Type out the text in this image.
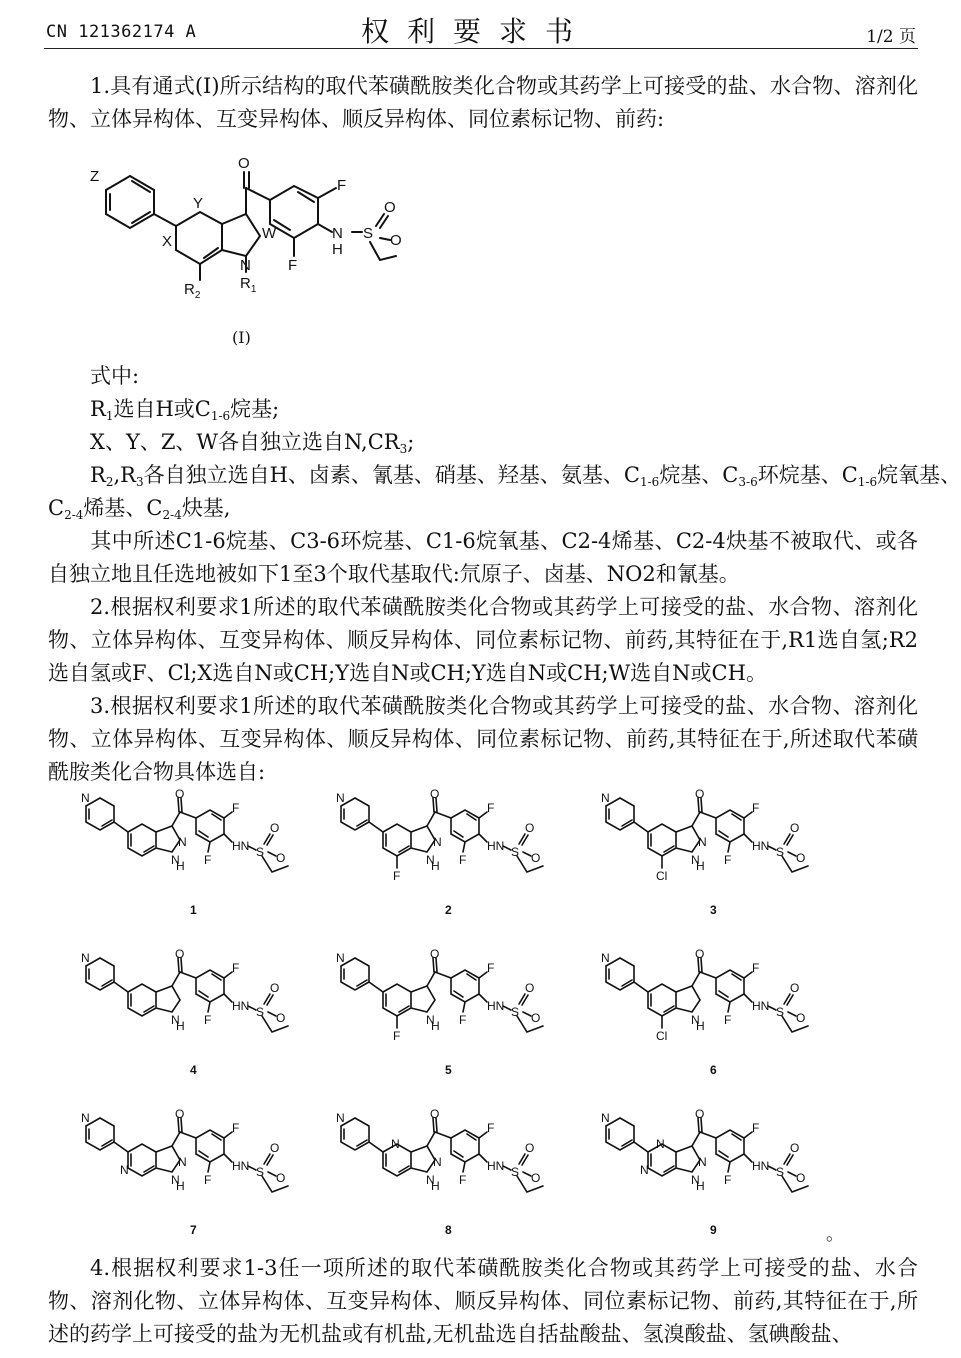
CN 121362174 A	权利要求书	1/2 页

1.具有通式(I)所示结构的取代苯磺酰胺类化合物或其药学上可接受的盐、水合物、溶剂化物、立体异构体、互变异构体、顺反异构体、同位素标记物、前药:

Z
Y
X	W
N
$R_2$
$R_1$
O
F
F
N
H
S
O
O
(I)

式中:

$R_1$选自H或$C_{1-6}$烷基;

X、Y、Z、W各自独立选自$N,CR_3$;

$R_2,R_3$各自独立选自H、卤素、氰基、硝基、羟基、氨基、$C_{1-6}$烷基、$C_{3-6}$环烷基、$C_{1-6}$烷氧基、

$C_{2-4}$烯基、$C_{2-4}$炔基,

其中所述C1-6烷基、C3-6环烷基、C1-6烷氧基、C2-4烯基、C2-4炔基不被取代、或各自独立地且任选地被如下1至3个取代基取代:氘原子、卤基、NO2和氰基。

2.根据权利要求1所述的取代苯磺酰胺类化合物或其药学上可接受的盐、水合物、溶剂化物、立体异构体、互变异构体、顺反异构体、同位素标记物、前药,其特征在于,R1选自氢;R2选自氢或F、Cl;X选自N或CH;Y选自N或CH;Y选自N或CH;W选自N或CH。

3.根据权利要求1所述的取代苯磺酰胺类化合物或其药学上可接受的盐、水合物、溶剂化物、立体异构体、互变异构体、顺反异构体、同位素标记物、前药,其特征在于,所述取代苯磺酰胺类化合物具体选自:

N
N
H
N
O
F
F
HN S
O
O
1
N
N
H
N
F
O
F
F
HN S
O
O
2
N
N
H
N
Cl
O
F
F
HN S
O
O
3
N
N
H
O
F
F
HN S
O
O
4
N
N
H
F
O
F
F
HN S
O
O
5
N
N
H
Cl
O
F
F
HN S
O
O
6
N
N
H
N
N
O
F
F
HN S
O
O
7
N
N
H
N
N
O
F
F
HN S
O
O
8
N
N
H
N
N
N
O
F
F
HN S
O
O
9	。

4.根据权利要求1-3任一项所述的取代苯磺酰胺类化合物或其药学上可接受的盐、水合物、溶剂化物、立体异构体、互变异构体、顺反异构体、同位素标记物、前药,其特征在于,所述的药学上可接受的盐为无机盐或有机盐,无机盐选自括盐酸盐、氢溴酸盐、氢碘酸盐、
